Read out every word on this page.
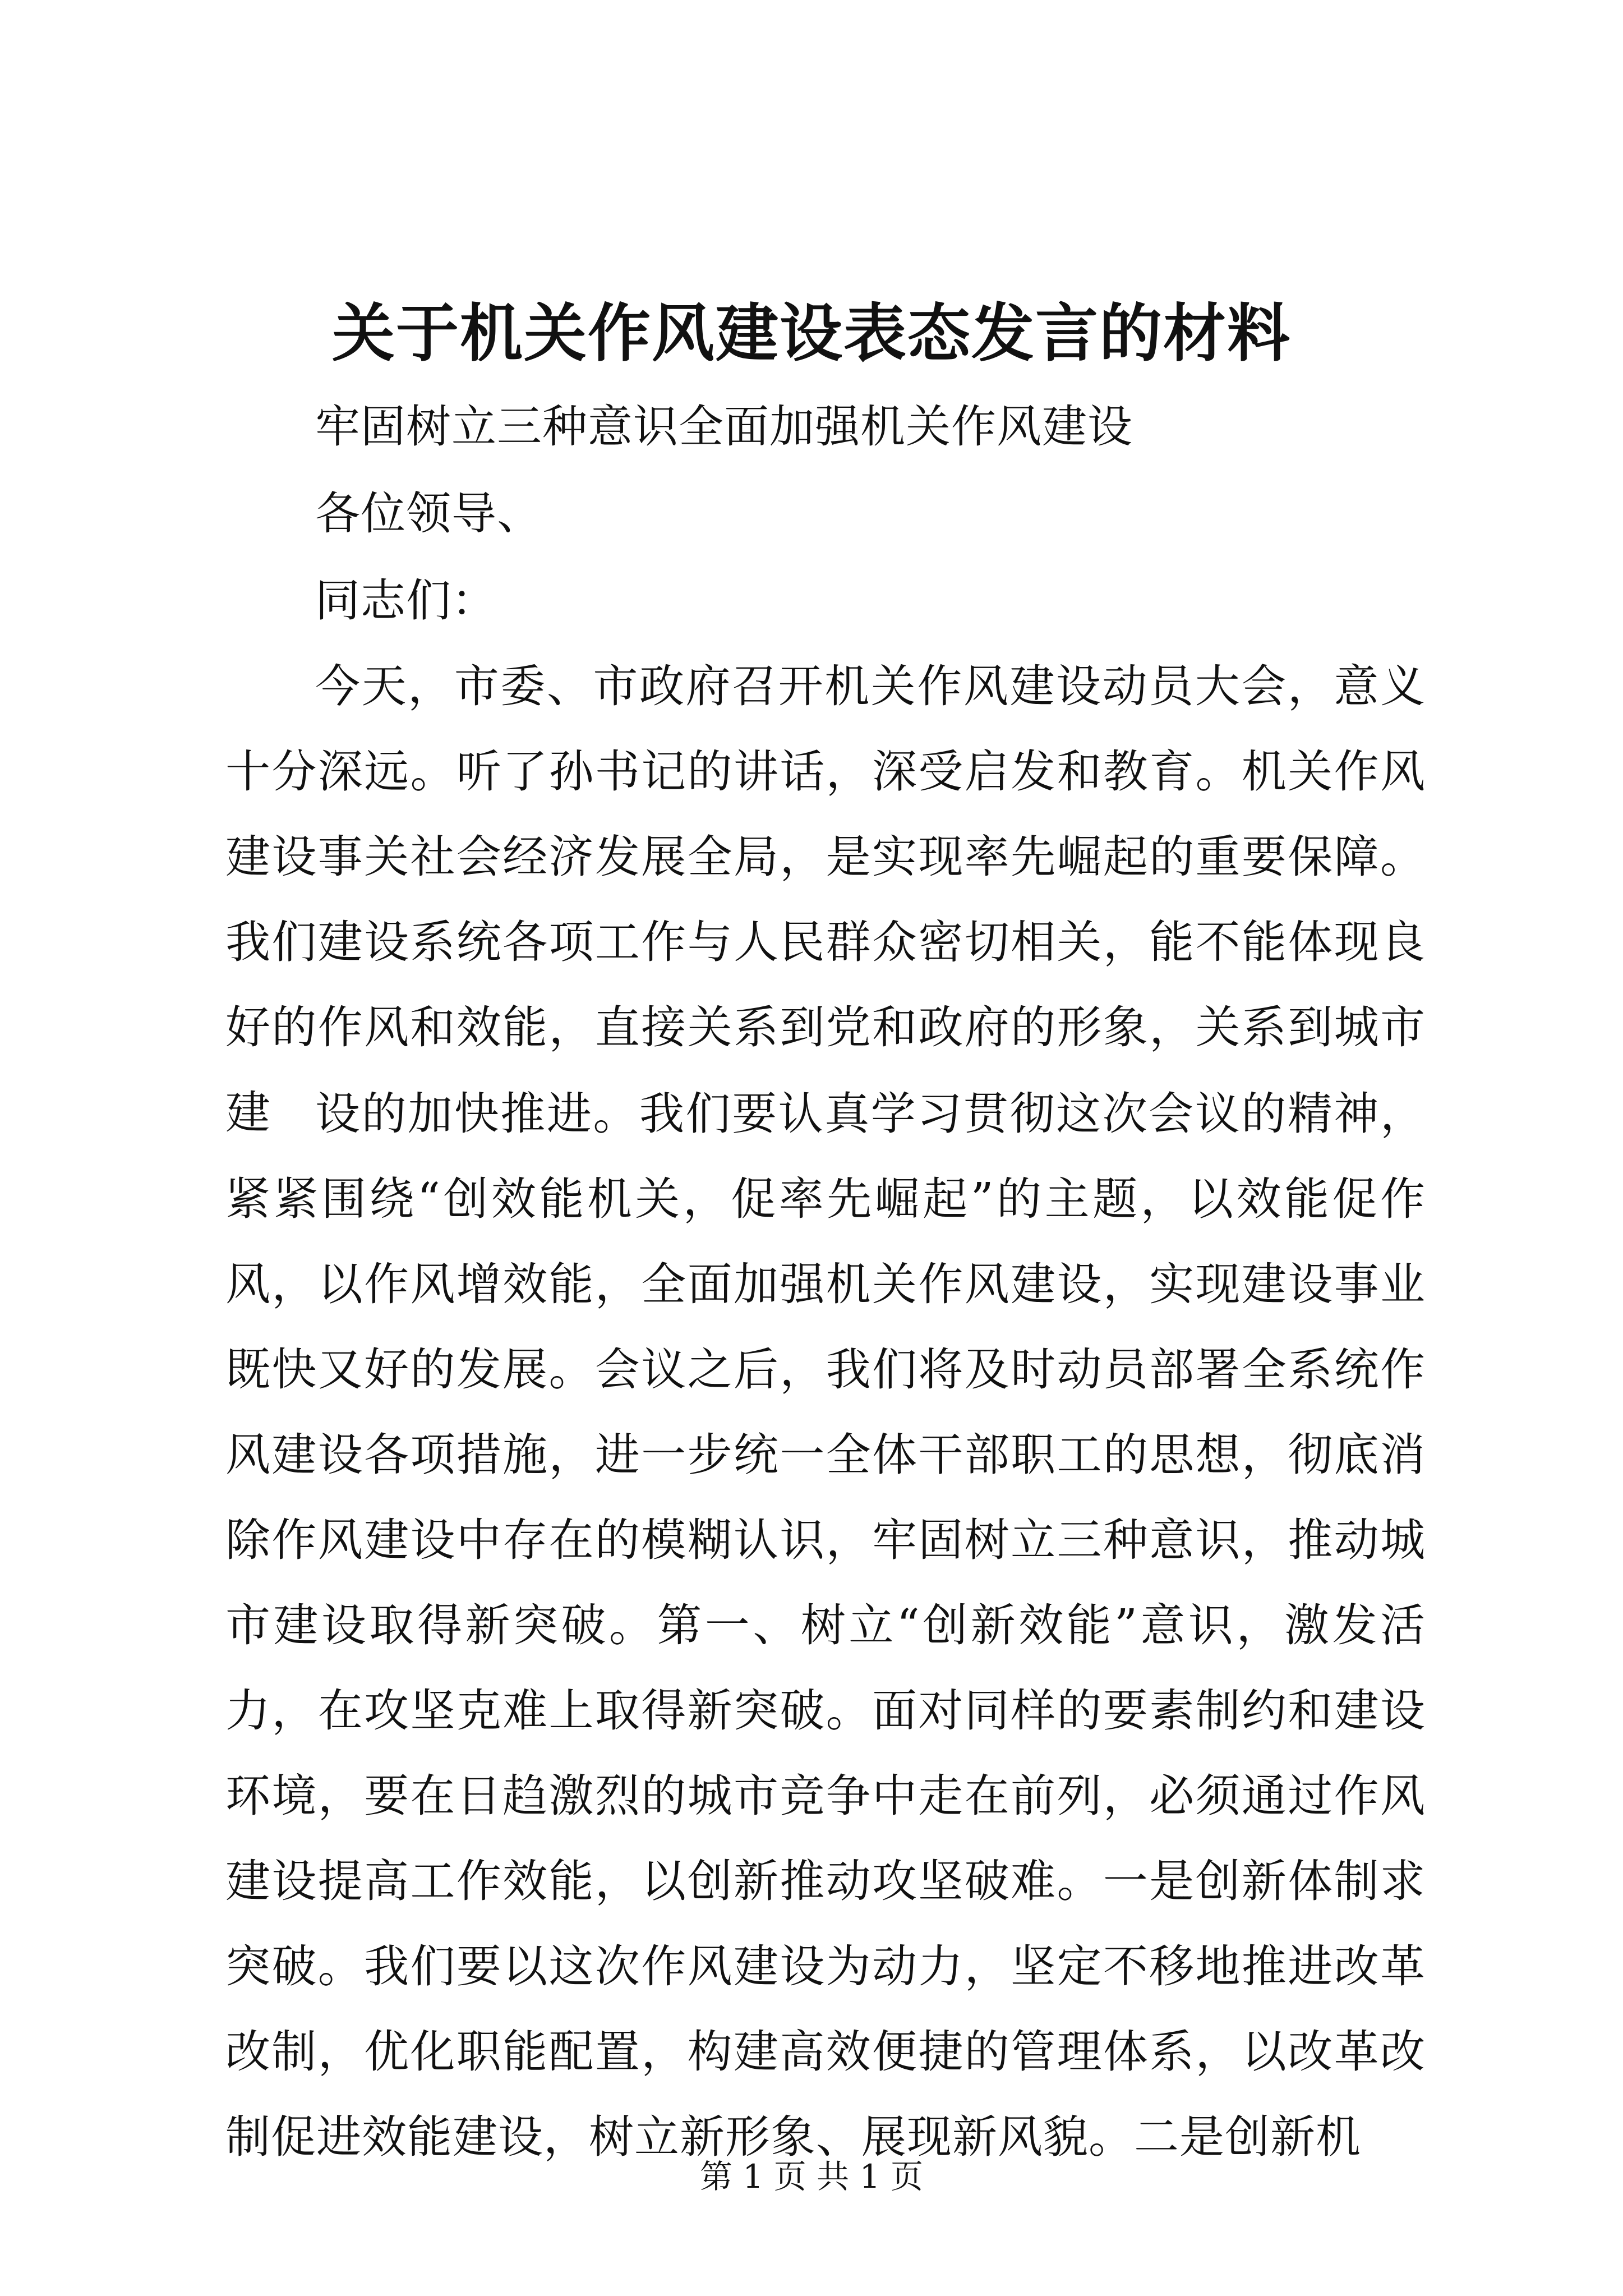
关于机关作风建设表态发言的材料

牢固树立三种意识全面加强机关作风建设

各位领导、

同志们：

今天，市委、市政府召开机关作风建设动员大会，意义十分深远。听了孙书记的讲话，深受启发和教育。机关作风建设事关社会经济发展全局，是实现率先崛起的重要保障。我们建设系统各项工作与人民群众密切相关，能不能体现良好的作风和效能，直接关系到党和政府的形象，关系到城市建 设的加快推进。我们要认真学习贯彻这次会议的精神，紧紧围绕“创效能机关，促率先崛起”的主题，以效能促作风，以作风增效能，全面加强机关作风建设，实现建设事业既快又好的发展。会议之后，我们将及时动员部署全系统作风建设各项措施，进一步统一全体干部职工的思想，彻底消除作风建设中存在的模糊认识，牢固树立三种意识，推动城市建设取得新突破。第一、树立“创新效能”意识，激发活力，在攻坚克难上取得新突破。面对同样的要素制约和建设环境，要在日趋激烈的城市竞争中走在前列，必须通过作风建设提高工作效能，以创新推动攻坚破难。一是创新体制求突破。我们要以这次作风建设为动力，坚定不移地推进改革改制，优化职能配置，构建高效便捷的管理体系，以改革改制促进效能建设，树立新形象、展现新风貌。二是创新机

第 1 页 共 1 页
